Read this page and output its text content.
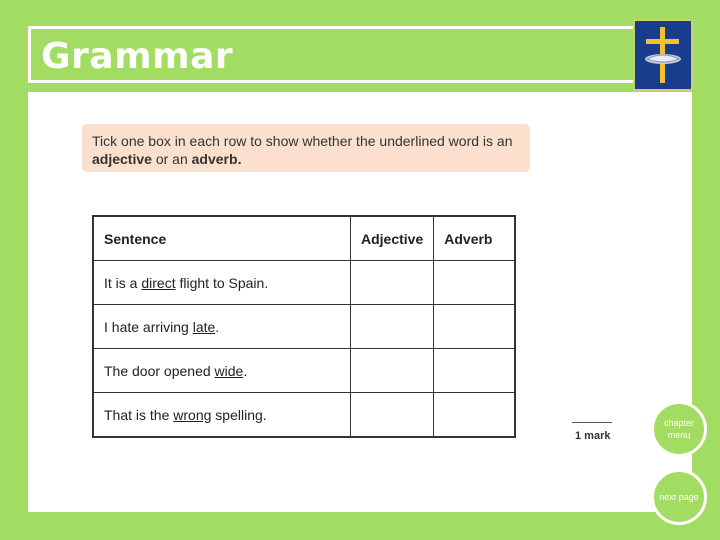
Grammar
Tick one box in each row to show whether the underlined word is an
adjective or an adverb.
Sentence	Adjective	Adverb
It is a direct flight to Spain.		
I hate arriving late.		
The door opened wide.		
That is the wrong spelling.		
1 mark
chapter menu
next page
